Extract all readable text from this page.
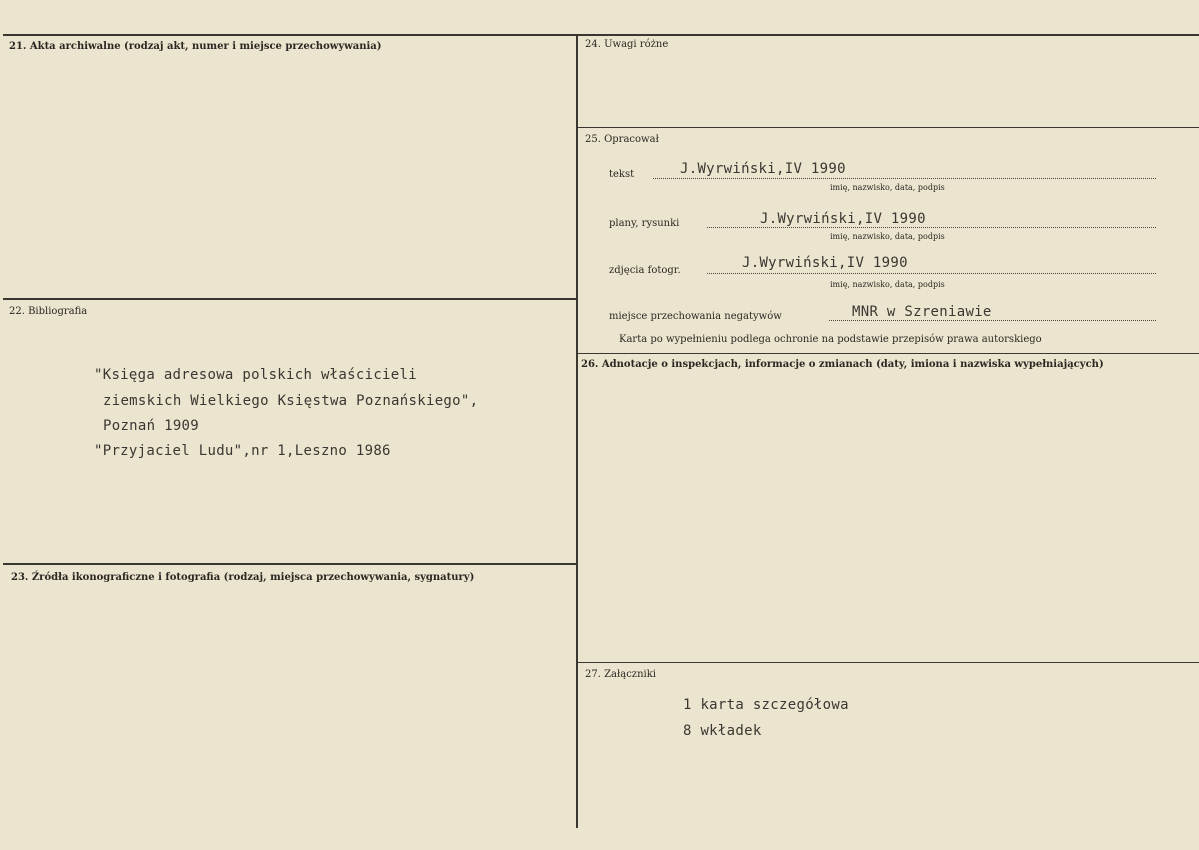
21. Akta archiwalne (rodzaj akt, numer i miejsce przechowywania)
22. Bibliografia
23. Źródła ikonograficzne i fotografia (rodzaj, miejsca przechowywania, sygnatury)
"Księga adresowa polskich właścicieli
ziemskich Wielkiego Księstwa Poznańskiego",
Poznań 1909
"Przyjaciel Ludu",nr 1,Leszno 1986
24. Uwagi różne
25. Opracował
tekst	J.Wyrwiński,IV 1990
imię, nazwisko, data, podpis
plany, rysunki	J.Wyrwiński,IV 1990
imię, nazwisko, data, podpis
zdjęcia fotogr.	J.Wyrwiński,IV 1990
imię, nazwisko, data, podpis
miejsce przechowania negatywów	MNR w Szreniawie
Karta po wypełnieniu podlega ochronie na podstawie przepisów prawa autorskiego
26. Adnotacje o inspekcjach, informacje o zmianach (daty, imiona i nazwiska wypełniających)
27. Załączniki
1 karta szczegółowa
8 wkładek
